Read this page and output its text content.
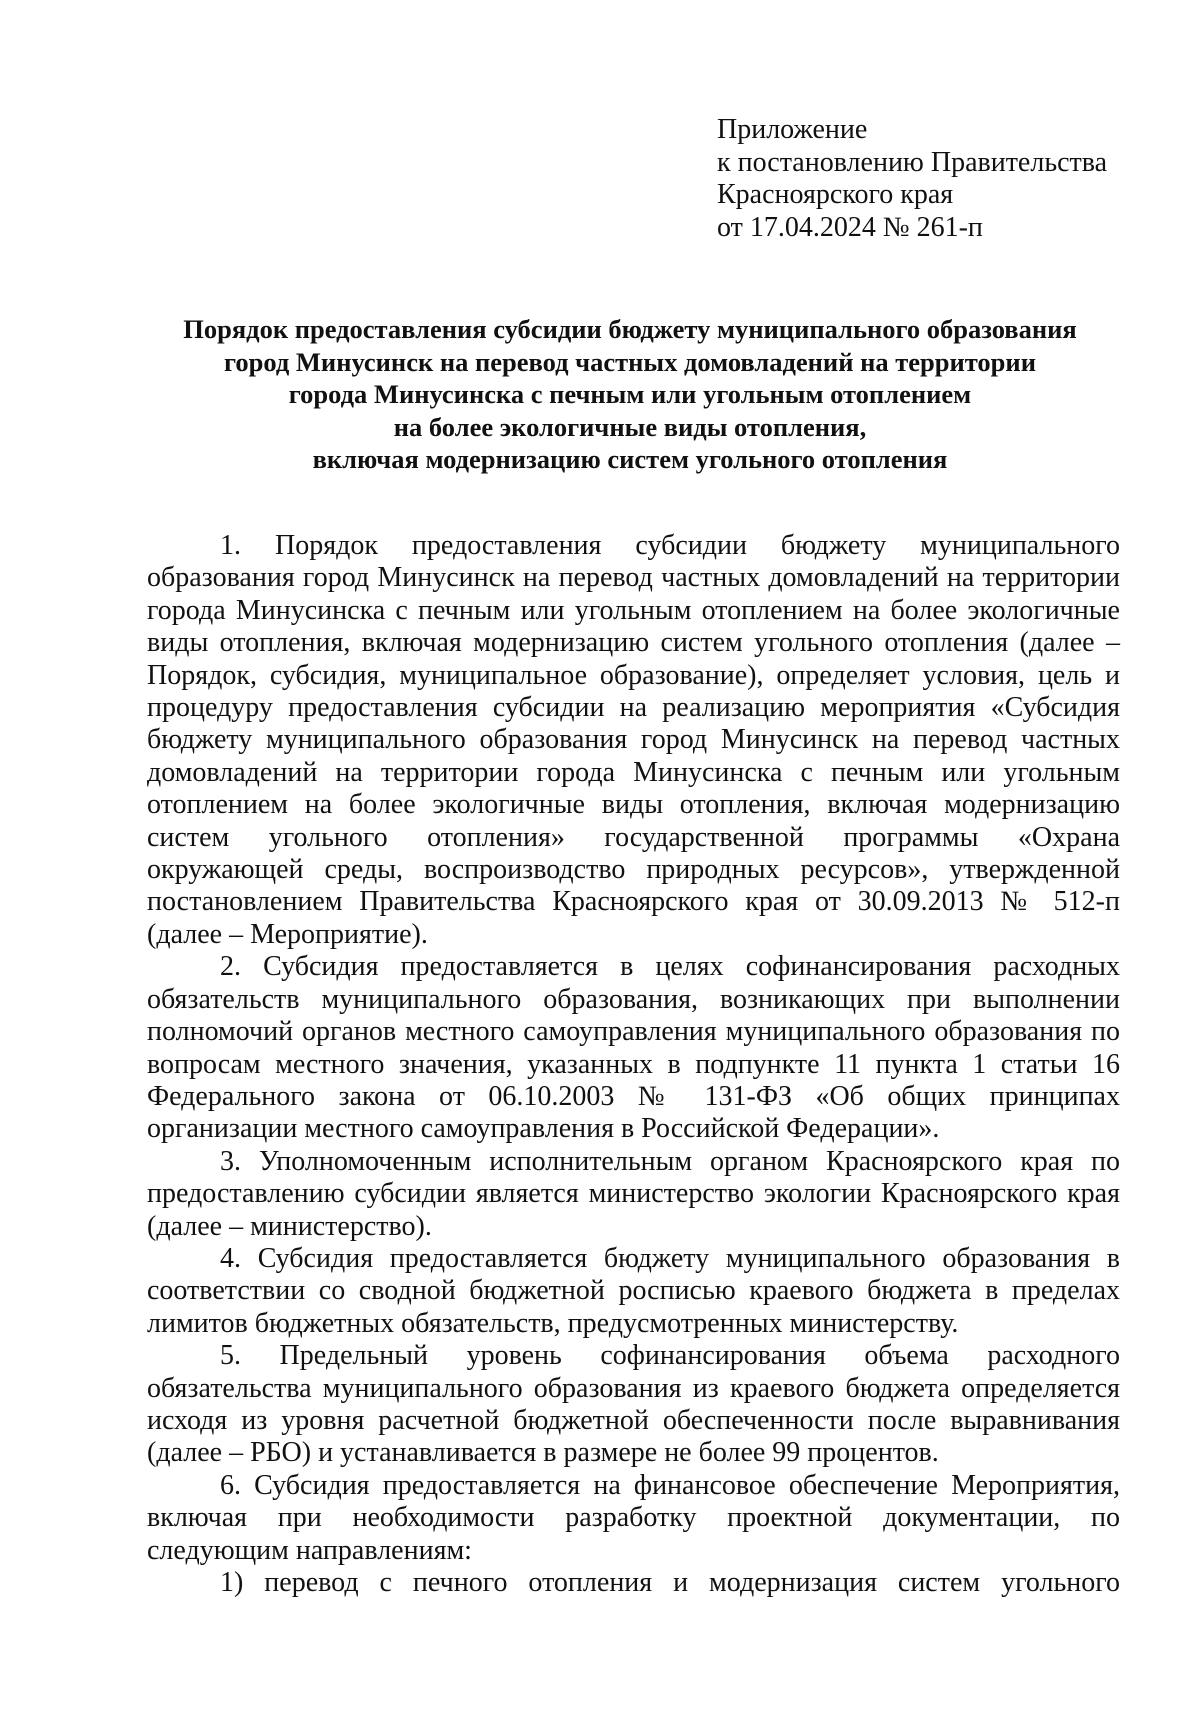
Приложение
к постановлению Правительства
Красноярского края
от 17.04.2024 № 261-п
Порядок предоставления субсидии бюджету муниципального образования
город Минусинск на перевод частных домовладений на территории
города Минусинска с печным или угольным отоплением
на более экологичные виды отопления,
включая модернизацию систем угольного отопления

1. Порядок предоставления субсидии бюджету муниципального образования город Минусинск на перевод частных домовладений на территории города Минусинска с печным или угольным отоплением на более экологичные виды отопления, включая модернизацию систем угольного отопления (далее – Порядок, субсидия, муниципальное образование), определяет условия, цель и процедуру предоставления субсидии на реализацию мероприятия «Субсидия бюджету муниципального образования город Минусинск на перевод частных домовладений на территории города Минусинска с печным или угольным отоплением на более экологичные виды отопления, включая модернизацию систем угольного отопления» государственной программы «Охрана окружающей среды, воспроизводство природных ресурсов», утвержденной постановлением Правительства Красноярского края от 30.09.2013 № 512-п (далее – Мероприятие).

2. Субсидия предоставляется в целях софинансирования расходных обязательств муниципального образования, возникающих при выполнении полномочий органов местного самоуправления муниципального образования по вопросам местного значения, указанных в подпункте 11 пункта 1 статьи 16 Федерального закона от 06.10.2003 № 131-ФЗ «Об общих принципах организации местного самоуправления в Российской Федерации».

3. Уполномоченным исполнительным органом Красноярского края по предоставлению субсидии является министерство экологии Красноярского края (далее – министерство).

4. Субсидия предоставляется бюджету муниципального образования в соответствии со сводной бюджетной росписью краевого бюджета в пределах лимитов бюджетных обязательств, предусмотренных министерству.

5. Предельный уровень софинансирования объема расходного обязательства муниципального образования из краевого бюджета определяется исходя из уровня расчетной бюджетной обеспеченности после выравнивания (далее – РБО) и устанавливается в размере не более 99 процентов.

6. Субсидия предоставляется на финансовое обеспечение Мероприятия, включая при необходимости разработку проектной документации, по следующим направлениям:

1) перевод с печного отопления и модернизация систем угольного
